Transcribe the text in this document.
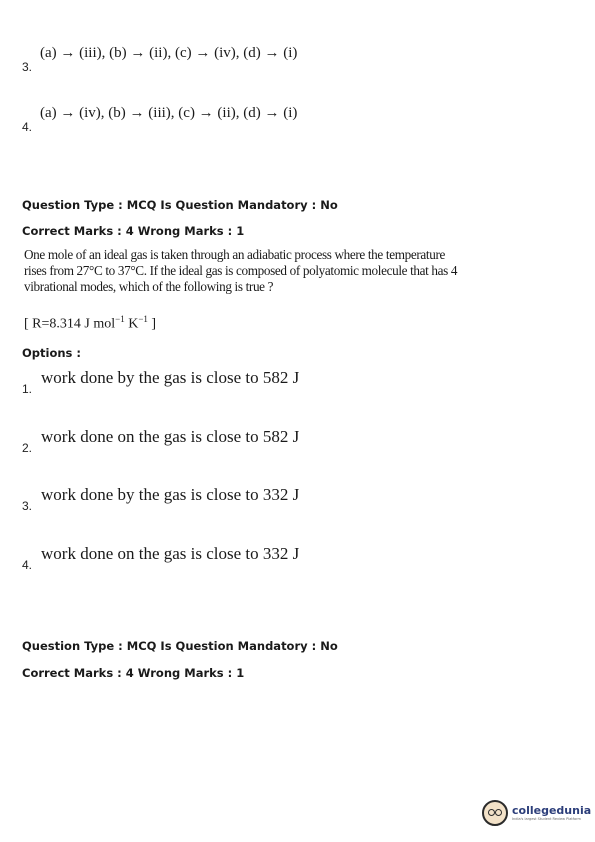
3.
(a) → (iii), (b) → (ii), (c) → (iv), (d) → (i)
4.
(a) → (iv), (b) → (iii), (c) → (ii), (d) → (i)
Question Type : MCQ Is Question Mandatory : No
Correct Marks : 4 Wrong Marks : 1
One mole of an ideal gas is taken through an adiabatic process where the temperature rises from 27°C to 37°C. If the ideal gas is composed of polyatomic molecule that has 4 vibrational modes, which of the following is true ?
[ R=8.314 J mol$^{-1}$ $K^{-1}$ ]
Options :
1.
work done by the gas is close to 582 J
2.
work done on the gas is close to 582 J
3.
work done by the gas is close to 332 J
4.
work done on the gas is close to 332 J
Question Type : MCQ Is Question Mandatory : No
Correct Marks : 4 Wrong Marks : 1
collegedunia
India's largest Student Review Platform
